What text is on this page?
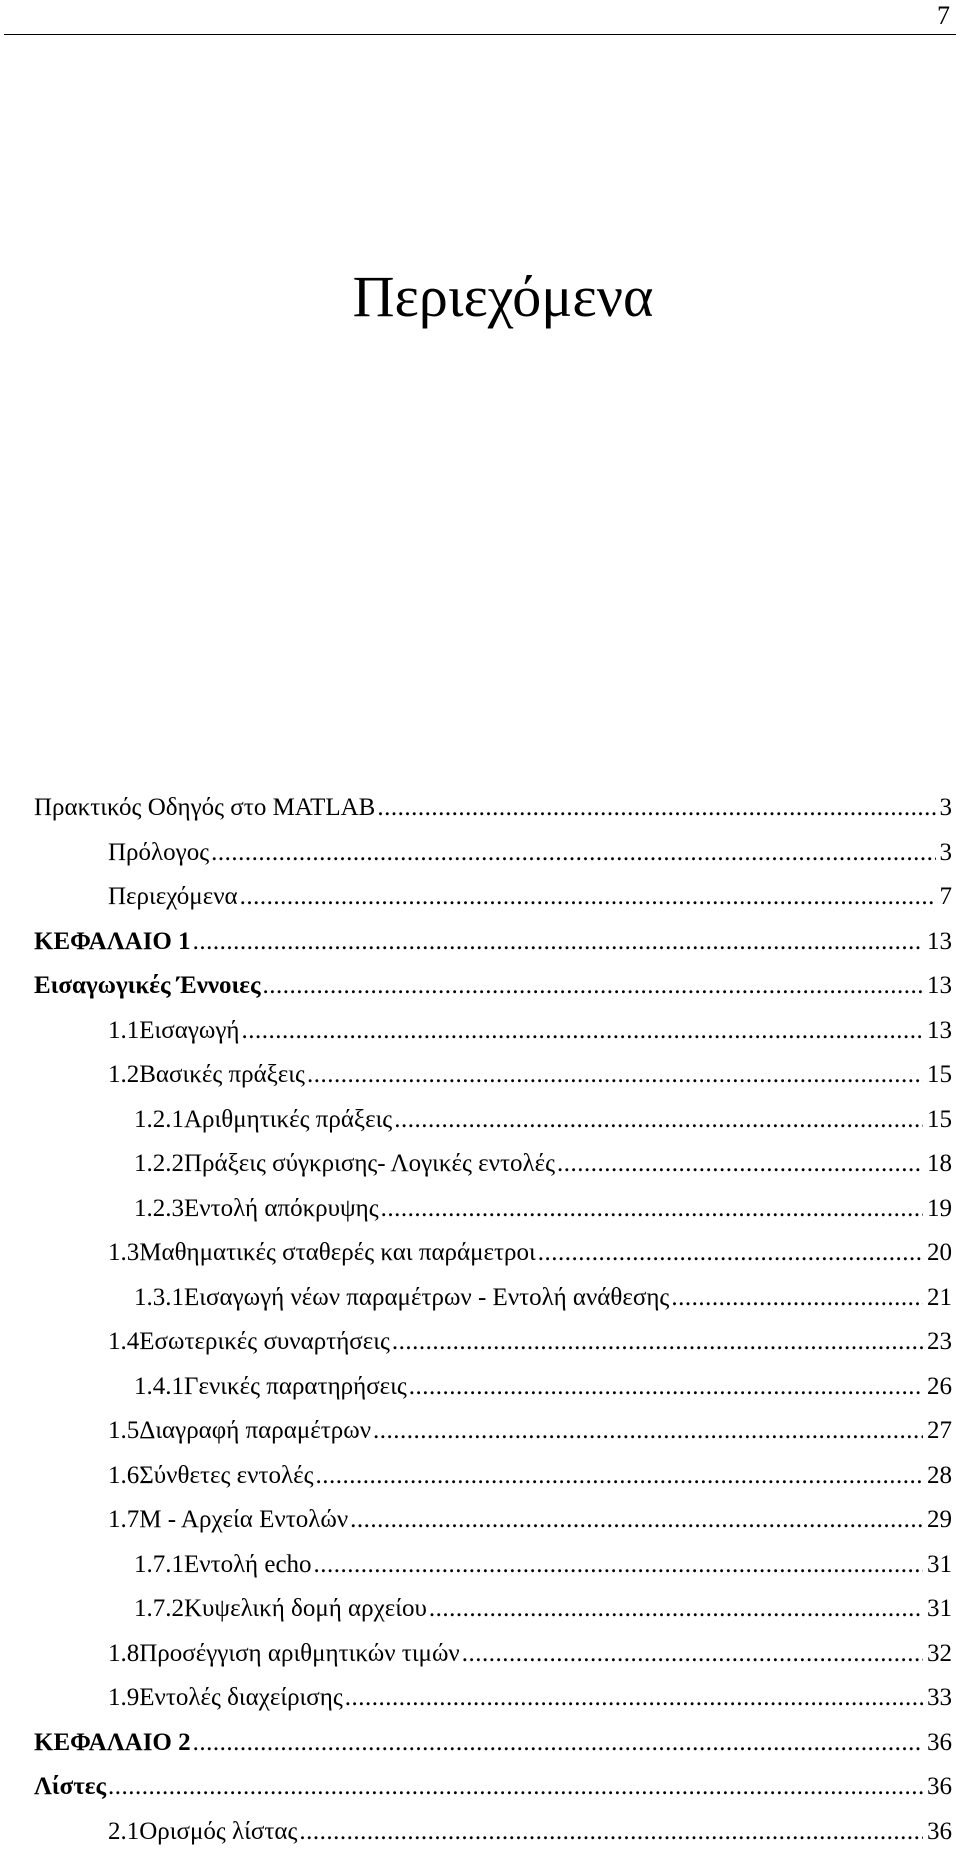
7
Περιεχόμενα
Πρακτικός Οδηγός στο MATLAB .....	3
Πρόλογος .....	3
Περιεχόμενα .....	7
ΚΕΦΑΛΑΙΟ 1 .....	13
Εισαγωγικές Έννοιες .....	13
1.1 Εισαγωγή .....	13
1.2 Βασικές πράξεις .....	15
1.2.1 Αριθμητικές πράξεις .....	15
1.2.2 Πράξεις σύγκρισης- Λογικές εντολές .....	18
1.2.3 Εντολή απόκρυψης .....	19
1.3 Μαθηματικές σταθερές και παράμετροι .....	20
1.3.1 Εισαγωγή νέων παραμέτρων - Εντολή ανάθεσης .....	21
1.4 Εσωτερικές συναρτήσεις .....	23
1.4.1 Γενικές παρατηρήσεις .....	26
1.5 Διαγραφή παραμέτρων .....	27
1.6 Σύνθετες εντολές .....	28
1.7 Μ - Αρχεία Εντολών .....	29
1.7.1 Εντολή echo .....	31
1.7.2 Κυψελική δομή αρχείου .....	31
1.8 Προσέγγιση αριθμητικών τιμών .....	32
1.9 Εντολές διαχείρισης .....	33
ΚΕΦΑΛΑΙΟ 2 .....	36
Λίστες .....	36
2.1 Ορισμός λίστας .....	36
